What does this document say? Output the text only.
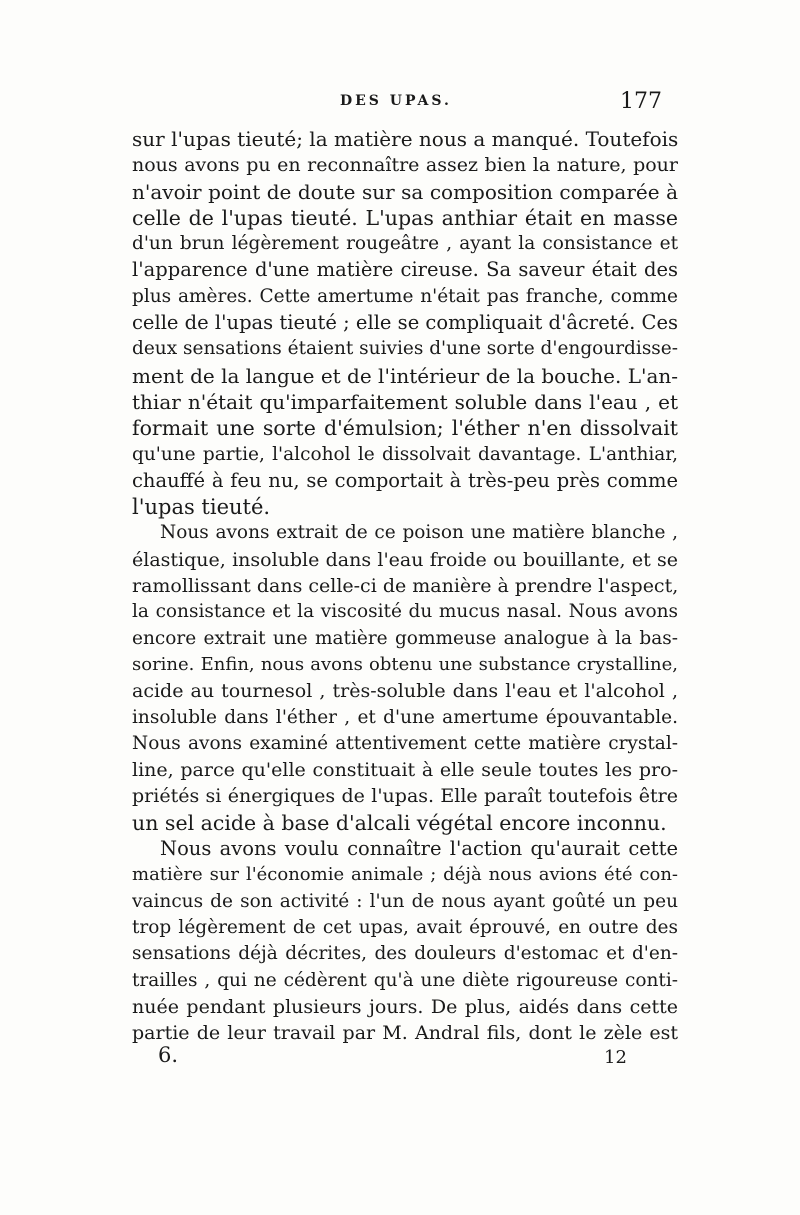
DES UPAS.	177
sur l'upas tieuté; la matière nous a manqué. Toutefois
nous avons pu en reconnaître assez bien la nature, pour
n'avoir point de doute sur sa composition comparée à
celle de l'upas tieuté. L'upas anthiar était en masse
d'un brun légèrement rougeâtre , ayant la consistance et
l'apparence d'une matière cireuse. Sa saveur était des
plus amères. Cette amertume n'était pas franche, comme
celle de l'upas tieuté ; elle se compliquait d'âcreté. Ces
deux sensations étaient suivies d'une sorte d'engourdisse-
ment de la langue et de l'intérieur de la bouche. L'an-
thiar n'était qu'imparfaitement soluble dans l'eau , et
formait une sorte d'émulsion; l'éther n'en dissolvait
qu'une partie, l'alcohol le dissolvait davantage. L'anthiar,
chauffé à feu nu, se comportait à très-peu près comme
l'upas tieuté.
Nous avons extrait de ce poison une matière blanche ,
élastique, insoluble dans l'eau froide ou bouillante, et se
ramollissant dans celle-ci de manière à prendre l'aspect,
la consistance et la viscosité du mucus nasal. Nous avons
encore extrait une matière gommeuse analogue à la bas-
sorine. Enfin, nous avons obtenu une substance crystalline,
acide au tournesol , très-soluble dans l'eau et l'alcohol ,
insoluble dans l'éther , et d'une amertume épouvantable.
Nous avons examiné attentivement cette matière crystal-
line, parce qu'elle constituait à elle seule toutes les pro-
priétés si énergiques de l'upas. Elle paraît toutefois être
un sel acide à base d'alcali végétal encore inconnu.
Nous avons voulu connaître l'action qu'aurait cette
matière sur l'économie animale ; déjà nous avions été con-
vaincus de son activité : l'un de nous ayant goûté un peu
trop légèrement de cet upas, avait éprouvé, en outre des
sensations déjà décrites, des douleurs d'estomac et d'en-
trailles , qui ne cédèrent qu'à une diète rigoureuse conti-
nuée pendant plusieurs jours. De plus, aidés dans cette
partie de leur travail par M. Andral fils, dont le zèle est
6.	12
